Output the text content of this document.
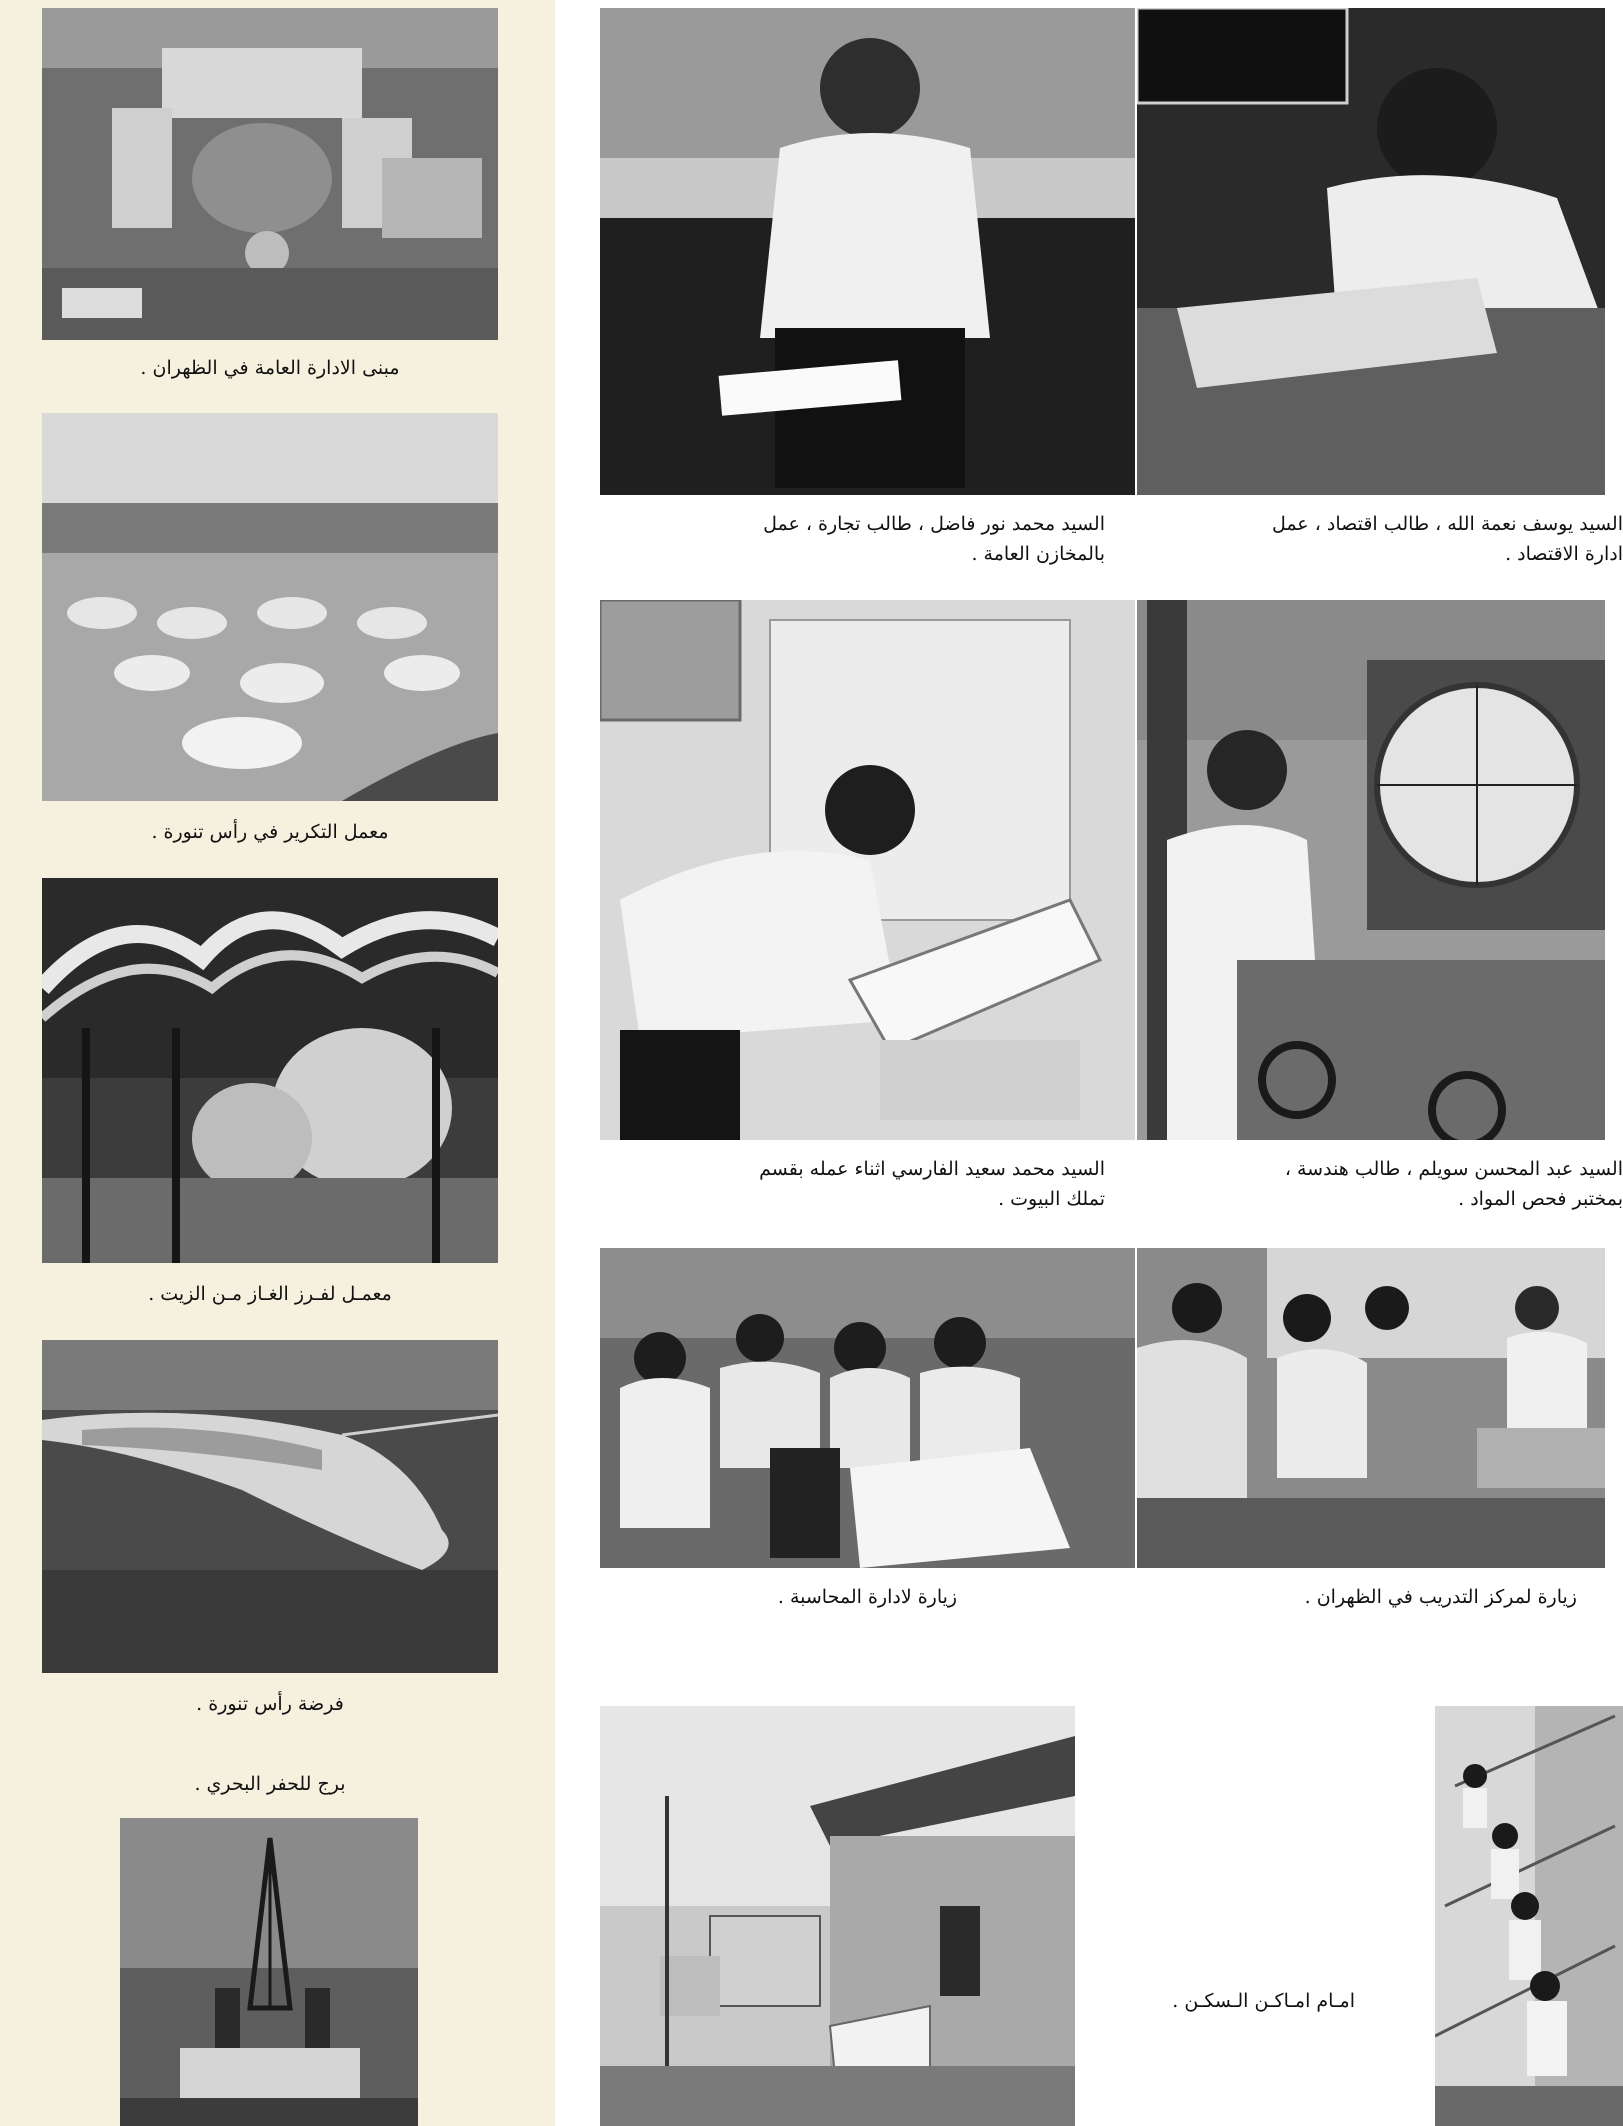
مبنى الادارة العامة في الظهران .
معمل التكرير في رأس تنورة .
معمـل لفـرز الغـاز مـن الزيت .
فرضة رأس تنورة .
برج للحفر البحري .
السيد محمد نور فاضل ، طالب تجارة ، عمل
بالمخازن العامة .
السيد يوسف نعمة الله ، طالب اقتصاد ، عمل
ادارة الاقتصاد .
السيد محمد سعيد الفارسي اثناء عمله بقسم
تملك البيوت .
السيد عبد المحسن سويلم ، طالب هندسة ،
بمختبر فحص المواد .
زيارة لادارة المحاسبة .	زيارة لمركز التدريب في الظهران .
امـام امـاكـن الـسكـن .
